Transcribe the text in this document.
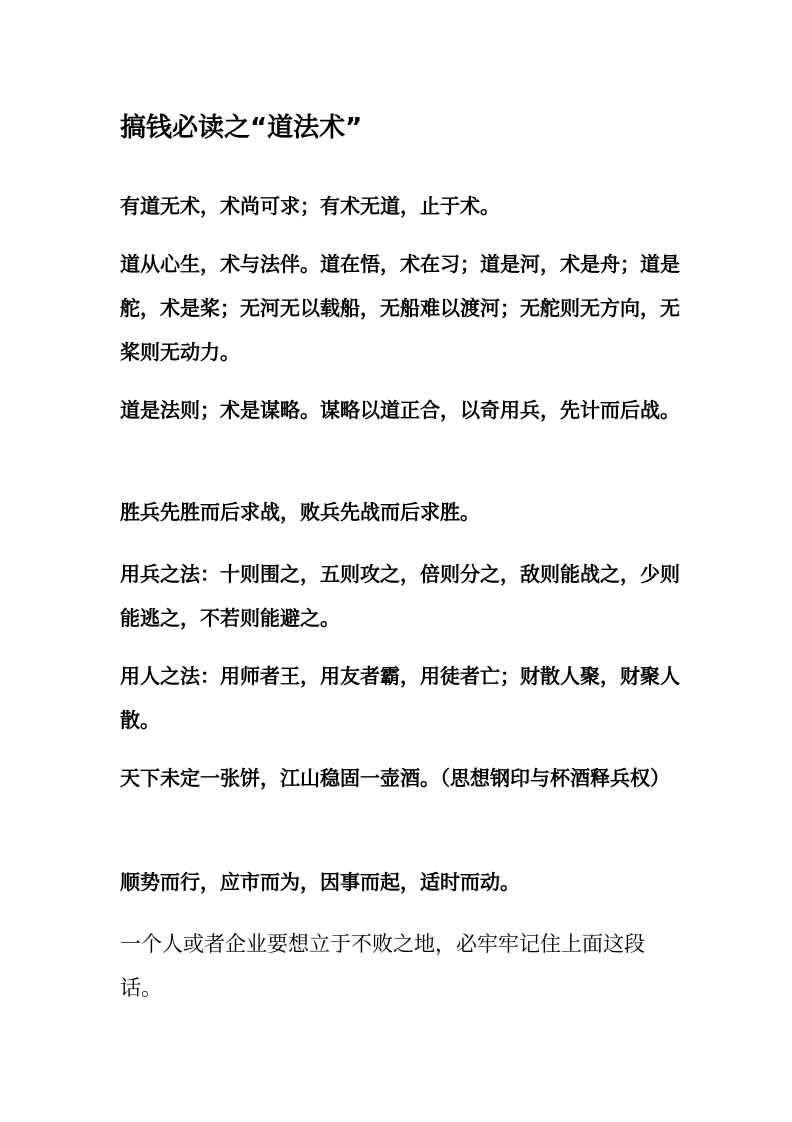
搞钱必读之“道法术”

有道无术，术尚可求；有术无道，止于术。

道从心生，术与法伴。道在悟，术在习；道是河，术是舟；道是舵，术是桨；无河无以载船，无船难以渡河；无舵则无方向，无桨则无动力。

道是法则；术是谋略。谋略以道正合，以奇用兵，先计而后战。

胜兵先胜而后求战，败兵先战而后求胜。

用兵之法：十则围之，五则攻之，倍则分之，敌则能战之，少则能逃之，不若则能避之。

用人之法：用师者王，用友者霸，用徒者亡；财散人聚，财聚人散。

天下未定一张饼，江山稳固一壶酒。（思想钢印与杯酒释兵权）

顺势而行，应市而为，因事而起，适时而动。

一个人或者企业要想立于不败之地，必牢牢记住上面这段话。
